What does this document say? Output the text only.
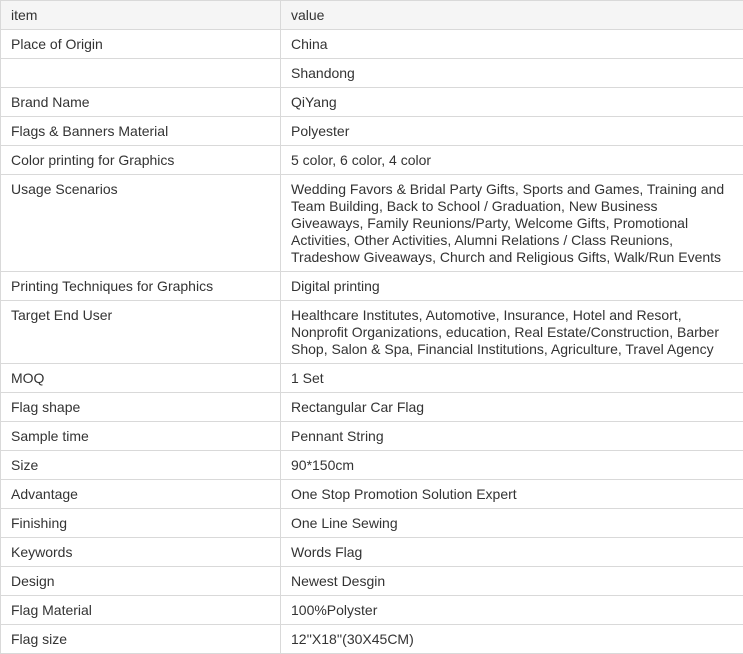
item	value
Place of Origin	China
	Shandong
Brand Name	QiYang
Flags & Banners Material	Polyester
Color printing for Graphics	5 color, 6 color, 4 color
Usage Scenarios	Wedding Favors & Bridal Party Gifts, Sports and Games, Training and Team Building, Back to School / Graduation, New Business Giveaways, Family Reunions/Party, Welcome Gifts, Promotional Activities, Other Activities, Alumni Relations / Class Reunions, Tradeshow Giveaways, Church and Religious Gifts, Walk/Run Events
Printing Techniques for Graphics	Digital printing
Target End User	Healthcare Institutes, Automotive, Insurance, Hotel and Resort, Nonprofit Organizations, education, Real Estate/Construction, Barber Shop, Salon & Spa, Financial Institutions, Agriculture, Travel Agency
MOQ	1 Set
Flag shape	Rectangular Car Flag
Sample time	Pennant String
Size	90*150cm
Advantage	One Stop Promotion Solution Expert
Finishing	One Line Sewing
Keywords	Words Flag
Design	Newest Desgin
Flag Material	100%Polyster
Flag size	12''X18''(30X45CM)
